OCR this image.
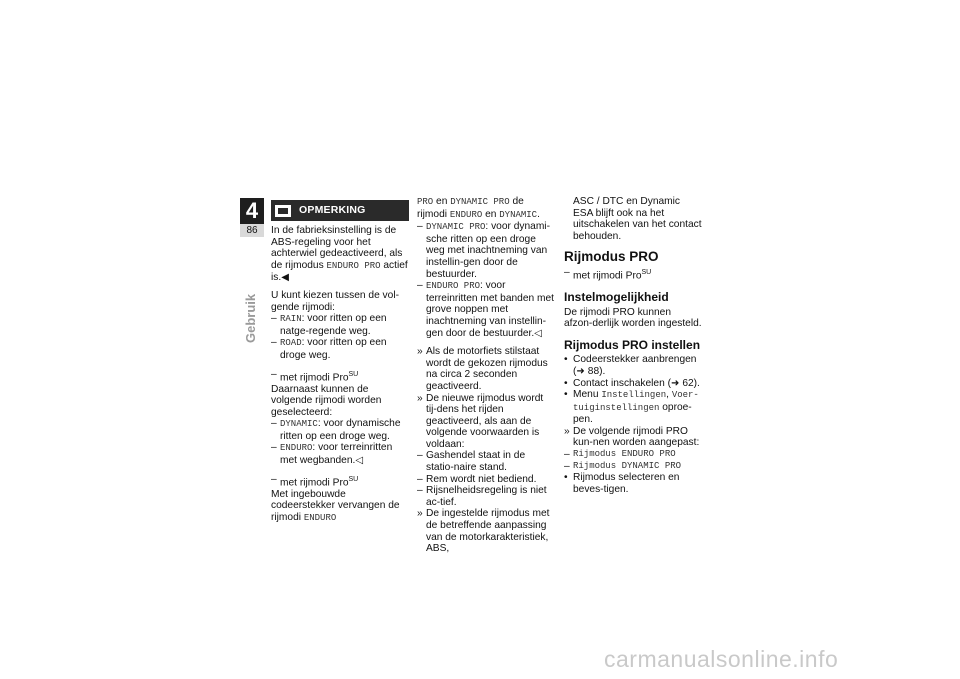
4
86
Gebruik
OPMERKING

In de fabrieksinstelling is de ABS-regeling voor het achterwiel gedeactiveerd, als de rijmodus ENDURO PRO actief is.◀

U kunt kiezen tussen de vol-gende rijmodi:
– RAIN: voor ritten op een natge-regende weg.
– ROAD: voor ritten op een droge weg.
– met rijmodi Pro$^{SU}$
Daarnaast kunnen de volgende rijmodi worden geselecteerd:
– DYNAMIC: voor dynamische ritten op een droge weg.
– ENDURO: voor terreinritten met wegbanden.◁
– met rijmodi Pro$^{SU}$
Met ingebouwde codeerstekker vervangen de rijmodi ENDURO
PRO en DYNAMIC PRO de rijmodi ENDURO en DYNAMIC.
– DYNAMIC PRO: voor dynami-sche ritten op een droge weg met inachtneming van instellin-gen door de bestuurder.
– ENDURO PRO: voor terreinritten met banden met grove noppen met inachtneming van instellin-gen door de bestuurder.◁
» Als de motorfiets stilstaat wordt de gekozen rijmodus na circa 2 seconden geactiveerd.
» De nieuwe rijmodus wordt tij-dens het rijden geactiveerd, als aan de volgende voorwaarden is voldaan:
– Gashendel staat in de statio-naire stand.
– Rem wordt niet bediend.
– Rijsnelheidsregeling is niet ac-tief.
» De ingestelde rijmodus met de betreffende aanpassing van de motorkarakteristiek, ABS,
ASC / DTC en Dynamic ESA blijft ook na het uitschakelen van het contact behouden.
Rijmodus PRO
– met rijmodi Pro$^{SU}$
Instelmogelijkheid
De rijmodi PRO kunnen afzon-derlijk worden ingesteld.
Rijmodus PRO instellen
• Codeerstekker aanbrengen (➜ 88).
• Contact inschakelen (➜ 62).
• Menu Instellingen, Voer-tuiginstellingen oproe-pen.
» De volgende rijmodi PRO kun-nen worden aangepast:
– Rijmodus ENDURO PRO
– Rijmodus DYNAMIC PRO
• Rijmodus selecteren en beves-tigen.
carmanualsonline.info
